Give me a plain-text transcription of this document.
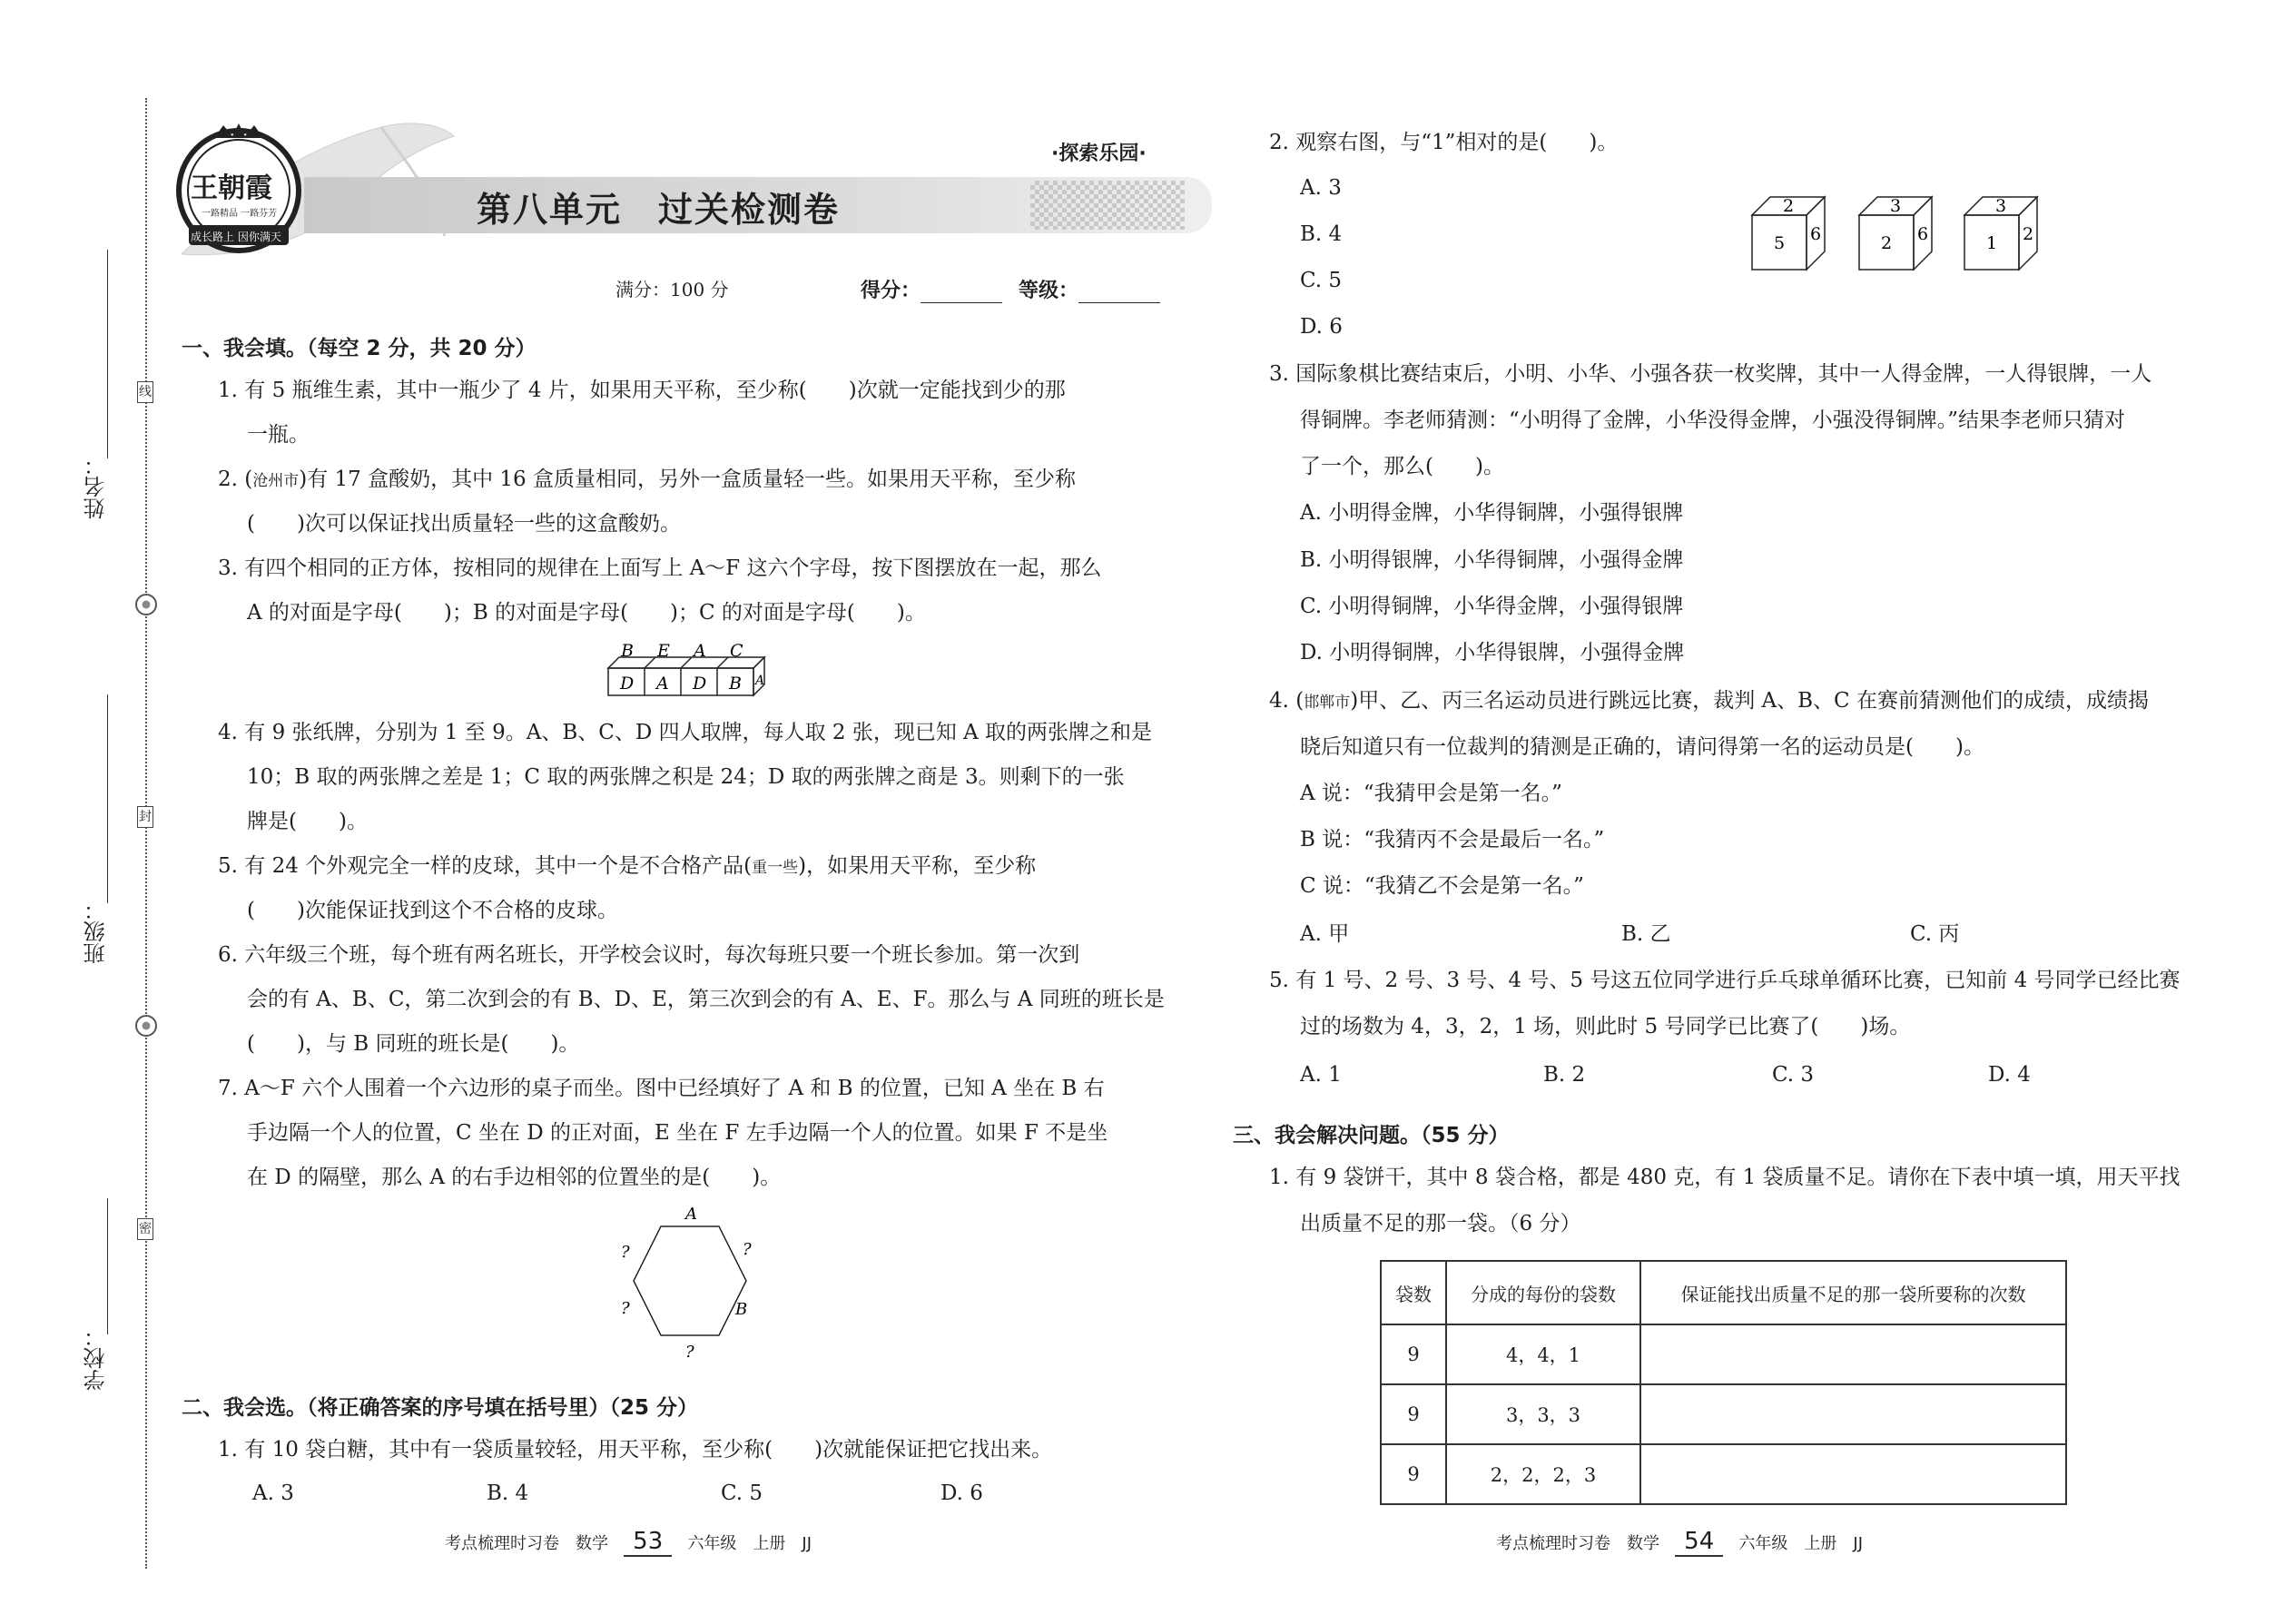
学校：
班级：
姓名：
线
封
密
王朝霞
一路精品 一路芬芳
成长路上 因你满天
·探索乐园·
第八单元　过关检测卷
满分：100 分	得分：	等级：
一、我会填。（每空 2 分，共 20 分）
1. 有 5 瓶维生素，其中一瓶少了 4 片，如果用天平称，至少称(　　)次就一定能找到少的那
一瓶。
2. (沧州市)有 17 盒酸奶，其中 16 盒质量相同，另外一盒质量轻一些。如果用天平称，至少称
(　　)次可以保证找出质量轻一些的这盒酸奶。
3. 有四个相同的正方体，按相同的规律在上面写上 A～F 这六个字母，按下图摆放在一起，那么
A 的对面是字母(　　)；B 的对面是字母(　　)；C 的对面是字母(　　)。
B E A C
D A D B A
4. 有 9 张纸牌，分别为 1 至 9。A、B、C、D 四人取牌，每人取 2 张，现已知 A 取的两张牌之和是
10；B 取的两张牌之差是 1；C 取的两张牌之积是 24；D 取的两张牌之商是 3。则剩下的一张
牌是(　　)。
5. 有 24 个外观完全一样的皮球，其中一个是不合格产品(重一些)，如果用天平称，至少称
(　　)次能保证找到这个不合格的皮球。
6. 六年级三个班，每个班有两名班长，开学校会议时，每次每班只要一个班长参加。第一次到
会的有 A、B、C，第二次到会的有 B、D、E，第三次到会的有 A、E、F。那么与 A 同班的班长是
(　　)，与 B 同班的班长是(　　)。
7. A～F 六个人围着一个六边形的桌子而坐。图中已经填好了 A 和 B 的位置，已知 A 坐在 B 右
手边隔一个人的位置，C 坐在 D 的正对面，E 坐在 F 左手边隔一个人的位置。如果 F 不是坐
在 D 的隔壁，那么 A 的右手边相邻的位置坐的是(　　)。
A
?	?
?	B
?
二、我会选。（将正确答案的序号填在括号里）（25 分）
1. 有 10 袋白糖，其中有一袋质量较轻，用天平称，至少称(　　)次就能保证把它找出来。
A. 3	B. 4	C. 5	D. 6
2. 观察右图，与“1”相对的是(　　)。
A. 3
B. 4
C. 5
D. 6
2
5 6
3
2 6
3
1 2
3. 国际象棋比赛结束后，小明、小华、小强各获一枚奖牌，其中一人得金牌，一人得银牌，一人
得铜牌。李老师猜测：“小明得了金牌，小华没得金牌，小强没得铜牌。”结果李老师只猜对
了一个，那么(　　)。
A. 小明得金牌，小华得铜牌，小强得银牌
B. 小明得银牌，小华得铜牌，小强得金牌
C. 小明得铜牌，小华得金牌，小强得银牌
D. 小明得铜牌，小华得银牌，小强得金牌
4. (邯郸市)甲、乙、丙三名运动员进行跳远比赛，裁判 A、B、C 在赛前猜测他们的成绩，成绩揭
晓后知道只有一位裁判的猜测是正确的，请问得第一名的运动员是(　　)。
A 说：“我猜甲会是第一名。”
B 说：“我猜丙不会是最后一名。”
C 说：“我猜乙不会是第一名。”
A. 甲	B. 乙	C. 丙
5. 有 1 号、2 号、3 号、4 号、5 号这五位同学进行乒乓球单循环比赛，已知前 4 号同学已经比赛
过的场数为 4，3，2，1 场，则此时 5 号同学已比赛了(　　)场。
A. 1	B. 2	C. 3	D. 4
三、我会解决问题。（55 分）
1. 有 9 袋饼干，其中 8 袋合格，都是 480 克，有 1 袋质量不足。请你在下表中填一填，用天平找
出质量不足的那一袋。（6 分）
袋数	分成的每份的袋数	保证能找出质量不足的那一袋所要称的次数
9	4，4，1	
9	3，3，3	
9	2，2，2，3	
考点梳理时习卷　数学 53 六年级　上册　JJ	考点梳理时习卷　数学 54 六年级　上册　JJ
